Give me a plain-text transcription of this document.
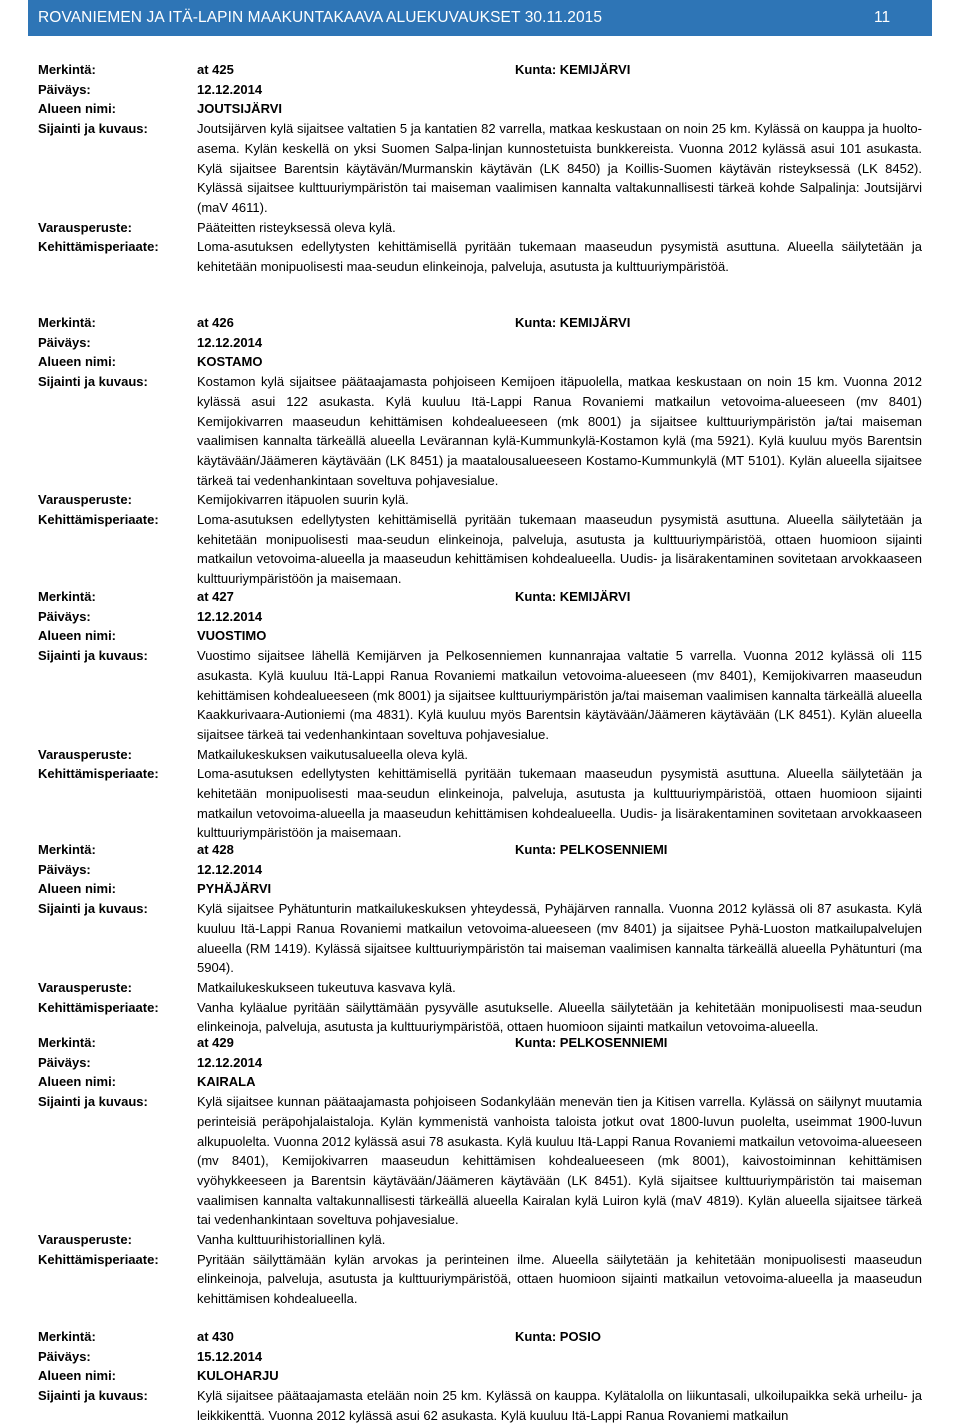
ROVANIEMEN JA ITÄ-LAPIN MAAKUNTAKAAVA ALUEKUVAUKSET 30.11.2015	11
Merkintä:	at 425	Kunta: KEMIJÄRVI
Päiväys:	12.12.2014
Alueen nimi:	JOUTSIJÄRVI
Sijainti ja kuvaus:	Joutsijärven kylä sijaitsee valtatien 5 ja kantatien 82 varrella, matkaa keskustaan on noin 25 km. Kylässä on kauppa ja huolto-asema. Kylän keskellä on yksi Suomen Salpa-linjan kunnostetuista bunkkereista. Vuonna 2012 kylässä asui 101 asukasta. Kylä sijaitsee Barentsin käytävän/Murmanskin käytävän (LK 8450) ja Koillis-Suomen käytävän risteyksessä (LK 8452). Kylässä sijaitsee kulttuuriympäristön tai maiseman vaalimisen kannalta valtakunnallisesti tärkeä kohde Salpalinja: Joutsijärvi (maV 4611).
Varausperuste:	Pääteitten risteyksessä oleva kylä.
Kehittämisperiaate:	Loma-asutuksen edellytysten kehittämisellä pyritään tukemaan maaseudun pysymistä asuttuna. Alueella säilytetään ja kehitetään monipuolisesti maa-seudun elinkeinoja, palveluja, asutusta ja kulttuuriympäristöä.
Merkintä:	at 426	Kunta: KEMIJÄRVI
Päiväys:	12.12.2014
Alueen nimi:	KOSTAMO
Sijainti ja kuvaus:	Kostamon kylä sijaitsee päätaajamasta pohjoiseen Kemijoen itäpuolella, matkaa keskustaan on noin 15 km. Vuonna 2012 kylässä asui 122 asukasta. Kylä kuuluu Itä-Lappi Ranua Rovaniemi matkailun vetovoima-alueeseen (mv 8401) Kemijokivarren maaseudun kehittämisen kohdealueeseen (mk 8001) ja sijaitsee kulttuuriympäristön ja/tai maiseman vaalimisen kannalta tärkeällä alueella Levärannan kylä-Kummunkylä-Kostamon kylä (ma 5921). Kylä kuuluu myös Barentsin käytävään/Jäämeren käytävään (LK 8451) ja maatalousalueeseen Kostamo-Kummunkylä (MT 5101). Kylän alueella sijaitsee tärkeä tai vedenhankintaan soveltuva pohjavesialue.
Varausperuste:	Kemijokivarren itäpuolen suurin kylä.
Kehittämisperiaate:	Loma-asutuksen edellytysten kehittämisellä pyritään tukemaan maaseudun pysymistä asuttuna. Alueella säilytetään ja kehitetään monipuolisesti maa-seudun elinkeinoja, palveluja, asutusta ja kulttuuriympäristöä, ottaen huomioon sijainti matkailun vetovoima-alueella ja maaseudun kehittämisen kohdealueella. Uudis- ja lisärakentaminen sovitetaan arvokkaaseen kulttuuriympäristöön ja maisemaan.
Merkintä:	at 427	Kunta: KEMIJÄRVI
Päiväys:	12.12.2014
Alueen nimi:	VUOSTIMO
Sijainti ja kuvaus:	Vuostimo sijaitsee lähellä Kemijärven ja Pelkosenniemen kunnanrajaa valtatie 5 varrella. Vuonna 2012 kylässä oli 115 asukasta. Kylä kuuluu Itä-Lappi Ranua Rovaniemi matkailun vetovoima-alueeseen (mv 8401), Kemijokivarren maaseudun kehittämisen kohdealueeseen (mk 8001) ja sijaitsee kulttuuriympäristön ja/tai maiseman vaalimisen kannalta tärkeällä alueella Kaakkurivaara-Autioniemi (ma 4831). Kylä kuuluu myös Barentsin käytävään/Jäämeren käytävään (LK 8451). Kylän alueella sijaitsee tärkeä tai vedenhankintaan soveltuva pohjavesialue.
Varausperuste:	Matkailukeskuksen vaikutusalueella oleva kylä.
Kehittämisperiaate:	Loma-asutuksen edellytysten kehittämisellä pyritään tukemaan maaseudun pysymistä asuttuna. Alueella säilytetään ja kehitetään monipuolisesti maa-seudun elinkeinoja, palveluja, asutusta ja kulttuuriympäristöä, ottaen huomioon sijainti matkailun vetovoima-alueella ja maaseudun kehittämisen kohdealueella. Uudis- ja lisärakentaminen sovitetaan arvokkaaseen kulttuuriympäristöön ja maisemaan.
Merkintä:	at 428	Kunta: PELKOSENNIEMI
Päiväys:	12.12.2014
Alueen nimi:	PYHÄJÄRVI
Sijainti ja kuvaus:	Kylä sijaitsee Pyhätunturin matkailukeskuksen yhteydessä, Pyhäjärven rannalla. Vuonna 2012 kylässä oli 87 asukasta. Kylä kuuluu Itä-Lappi Ranua Rovaniemi matkailun vetovoima-alueeseen (mv 8401) ja sijaitsee Pyhä-Luoston matkailupalvelujen alueella (RM 1419). Kylässä sijaitsee kulttuuriympäristön tai maiseman vaalimisen kannalta tärkeällä alueella Pyhätunturi (ma 5904).
Varausperuste:	Matkailukeskukseen tukeutuva kasvava kylä.
Kehittämisperiaate:	Vanha kyläalue pyritään säilyttämään pysyvälle asutukselle. Alueella säilytetään ja kehitetään monipuolisesti maa-seudun elinkeinoja, palveluja, asutusta ja kulttuuriympäristöä, ottaen huomioon sijainti matkailun vetovoima-alueella.
Merkintä:	at 429	Kunta: PELKOSENNIEMI
Päiväys:	12.12.2014
Alueen nimi:	KAIRALA
Sijainti ja kuvaus:	Kylä sijaitsee kunnan päätaajamasta pohjoiseen Sodankylään menevän tien ja Kitisen varrella. Kylässä on säilynyt muutamia perinteisiä peräpohjalaistaloja. Kylän kymmenistä vanhoista taloista jotkut ovat 1800-luvun puolelta, useimmat 1900-luvun alkupuolelta. Vuonna 2012 kylässä asui 78 asukasta. Kylä kuuluu Itä-Lappi Ranua Rovaniemi matkailun vetovoima-alueeseen (mv 8401), Kemijokivarren maaseudun kehittämisen kohdealueeseen (mk 8001), kaivostoiminnan kehittämisen vyöhykkeeseen ja Barentsin käytävään/Jäämeren käytävään (LK 8451). Kylä sijaitsee kulttuuriympäristön tai maiseman vaalimisen kannalta valtakunnallisesti tärkeällä alueella Kairalan kylä Luiron kylä (maV 4819). Kylän alueella sijaitsee tärkeä tai vedenhankintaan soveltuva pohjavesialue.
Varausperuste:	Vanha kulttuurihistoriallinen kylä.
Kehittämisperiaate:	Pyritään säilyttämään kylän arvokas ja perinteinen ilme. Alueella säilytetään ja kehitetään monipuolisesti maaseudun elinkeinoja, palveluja, asutusta ja kulttuuriympäristöä, ottaen huomioon sijainti matkailun vetovoima-alueella ja maaseudun kehittämisen kohdealueella.
Merkintä:	at 430	Kunta: POSIO
Päiväys:	15.12.2014
Alueen nimi:	KULOHARJU
Sijainti ja kuvaus:	Kylä sijaitsee päätaajamasta etelään noin 25 km. Kylässä on kauppa. Kylätalolla on liikuntasali, ulkoilupaikka sekä urheilu- ja leikkikenttä. Vuonna 2012 kylässä asui 62 asukasta. Kylä kuuluu Itä-Lappi Ranua Rovaniemi matkailun
